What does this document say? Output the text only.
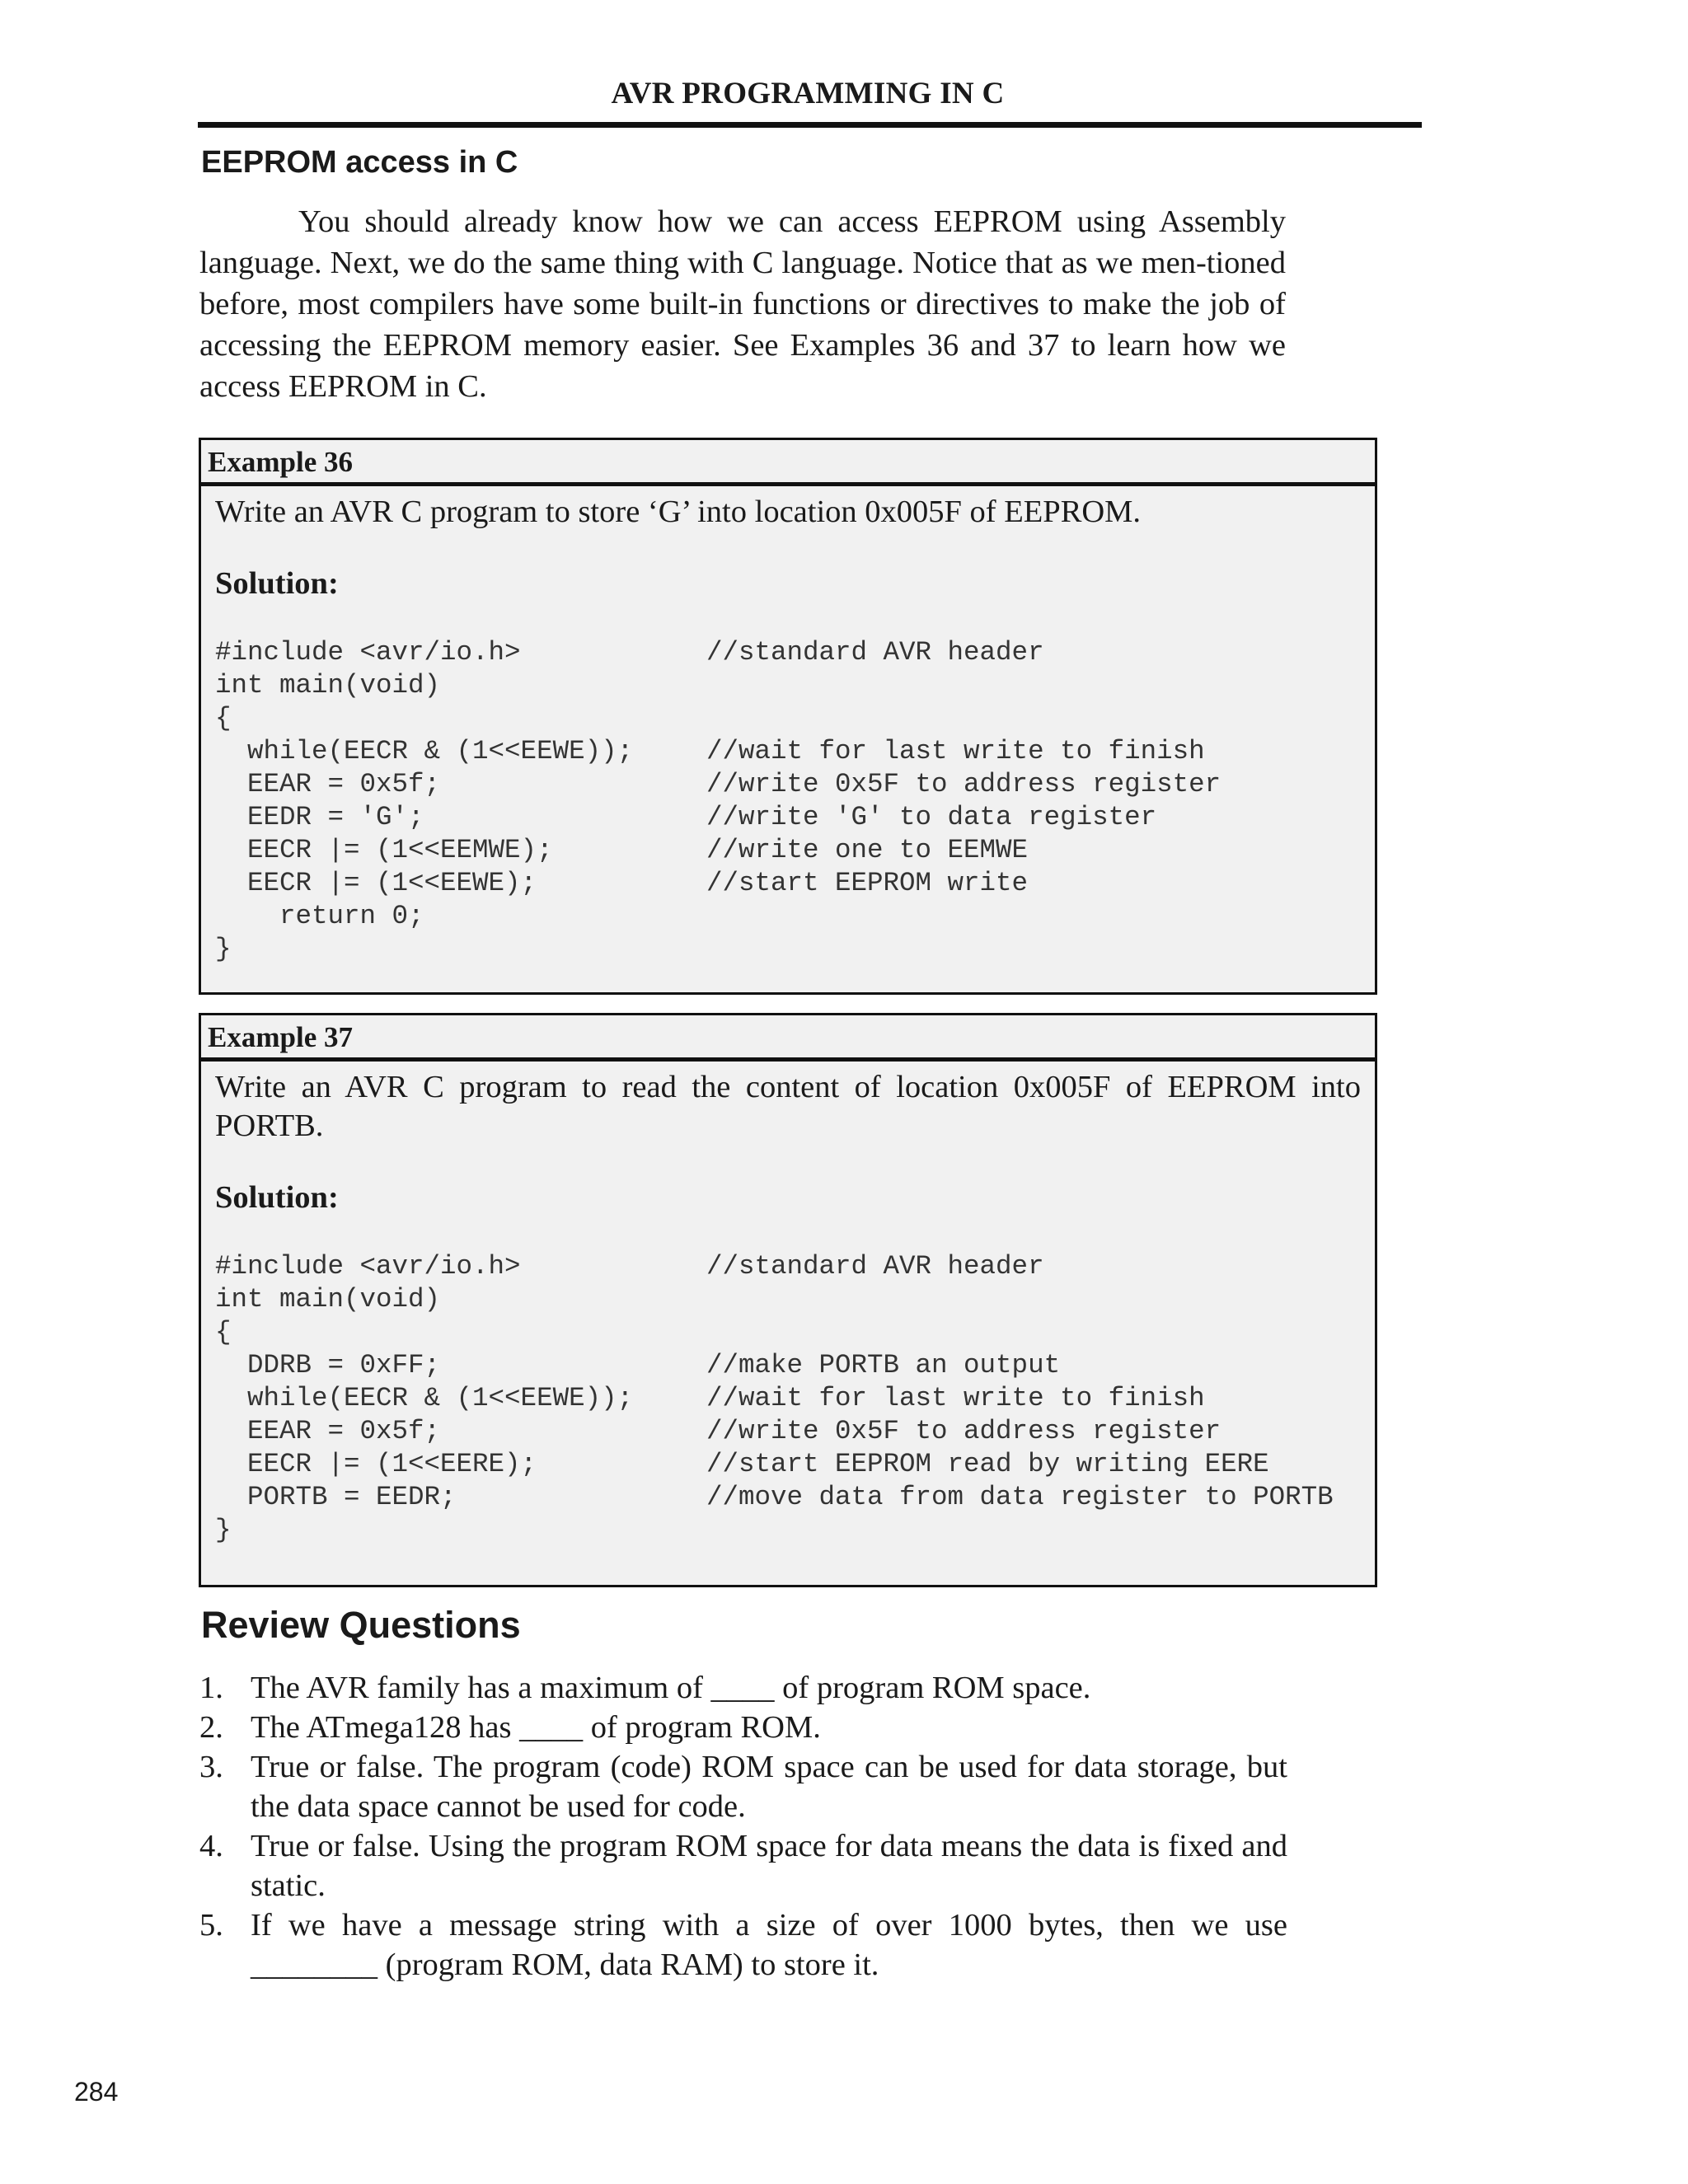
AVR PROGRAMMING IN C
EEPROM access in C

You should already know how we can access EEPROM using Assembly language. Next, we do the same thing with C language. Notice that as we men-tioned before, most compilers have some built-in functions or directives to make the job of accessing the EEPROM memory easier. See Examples 36 and 37 to learn how we access EEPROM in C.

Example 36

Write an AVR C program to store ‘G’ into location 0x005F of EEPROM.

Solution:
#include <avr/io.h>	//standard AVR header
int main(void)
{
while(EECR & (1<<EEWE));	//wait for last write to finish
EEAR = 0x5f;	//write 0x5F to address register
EEDR = 'G';	//write 'G' to data register
EECR |= (1<<EEMWE);	//write one to EEMWE
EECR |= (1<<EEWE);	//start EEPROM write
return 0;
}
Example 37

Write an AVR C program to read the content of location 0x005F of EEPROM into PORTB.

Solution:
#include <avr/io.h>	//standard AVR header
int main(void)
{
DDRB = 0xFF;	//make PORTB an output
while(EECR & (1<<EEWE));	//wait for last write to finish
EEAR = 0x5f;	//write 0x5F to address register
EECR |= (1<<EERE);	//start EEPROM read by writing EERE
PORTB = EEDR;	//move data from data register to PORTB
}
Review Questions
1. The AVR family has a maximum of ____ of program ROM space.
2. The ATmega128 has ____ of program ROM.
3. True or false. The program (code) ROM space can be used for data storage, but the data space cannot be used for code.
4. True or false. Using the program ROM space for data means the data is fixed and static.
5. If we have a message string with a size of over 1000 bytes, then we use ________ (program ROM, data RAM) to store it.
284
